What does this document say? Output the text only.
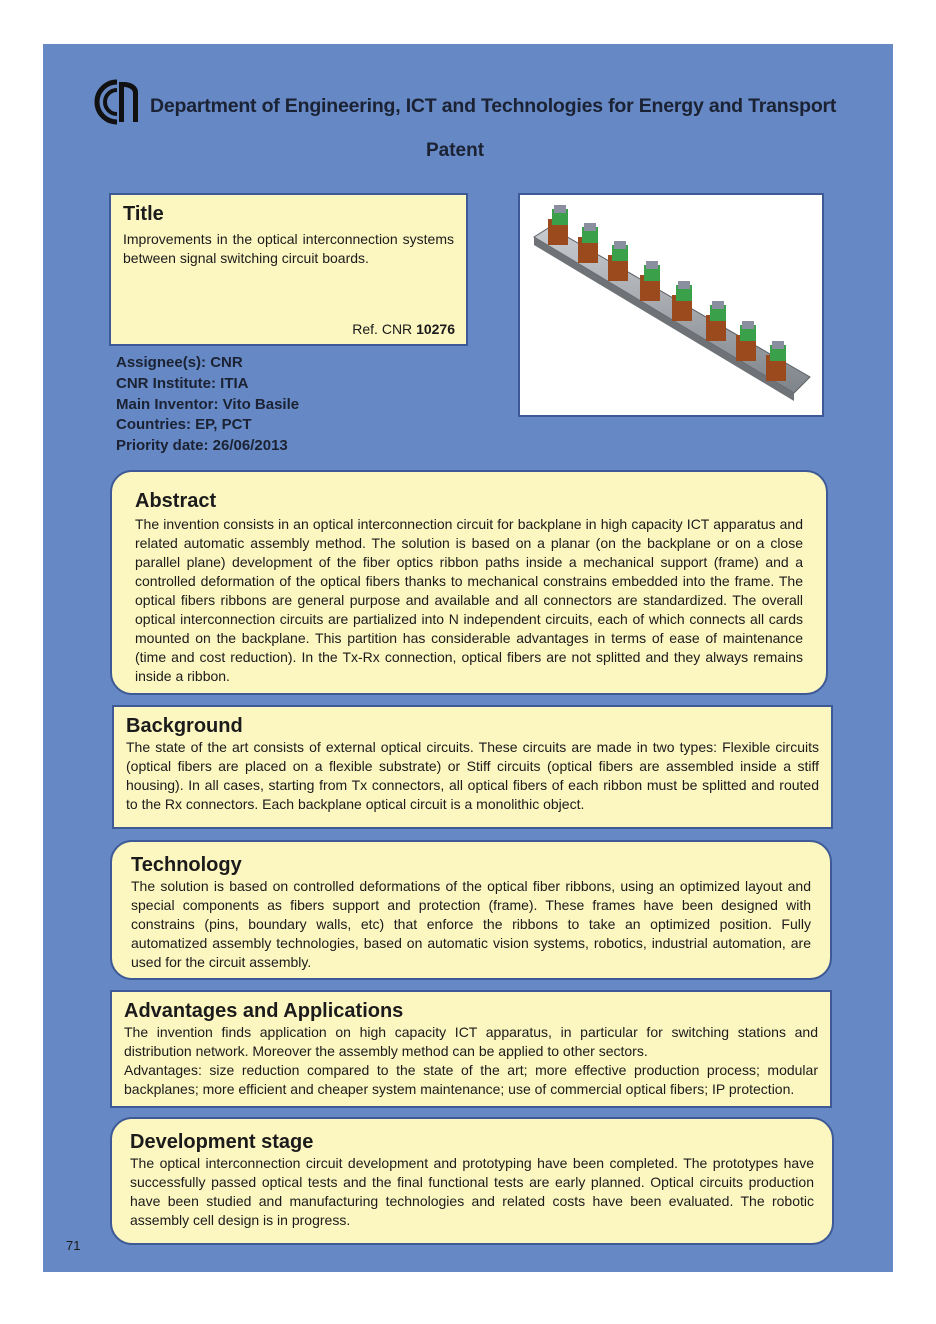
Department of Engineering, ICT and Technologies for Energy and Transport
Patent
Title

Improvements in the optical interconnection systems between signal switching circuit boards.

Ref. CNR 10276
Assignee(s): CNR
CNR Institute: ITIA
Main Inventor: Vito Basile
Countries: EP, PCT
Priority date: 26/06/2013
Abstract

The invention consists in an optical interconnection circuit for backplane in high capacity ICT apparatus and related automatic assembly method. The solution is based on a planar (on the backplane or on a close parallel plane) development of the fiber optics ribbon paths inside a mechanical support (frame) and a controlled deformation of the optical fibers thanks to mechanical constrains embedded into the frame. The optical fibers ribbons are general purpose and available and all connectors are standardized. The overall optical interconnection circuits are partialized into N independent circuits, each of which connects all cards mounted on the backplane. This partition has considerable advantages in terms of ease of maintenance (time and cost reduction). In the Tx-Rx connection, optical fibers are not splitted and they always remains inside a ribbon.

Background

The state of the art consists of external optical circuits. These circuits are made in two types: Flexible circuits (optical fibers are placed on a flexible substrate) or Stiff circuits (optical fibers are assembled inside a stiff housing). In all cases, starting from Tx connectors, all optical fibers of each ribbon must be splitted and routed to the Rx connectors. Each backplane optical circuit is a monolithic object.

Technology

The solution is based on controlled deformations of the optical fiber ribbons, using an optimized layout and special components as fibers support and protection (frame). These frames have been designed with constrains (pins, boundary walls, etc) that enforce the ribbons to take an optimized position. Fully automatized assembly technologies, based on automatic vision systems, robotics, industrial automation, are used for the circuit assembly.

Advantages and Applications

The invention finds application on high capacity ICT apparatus, in particular for switching stations and distribution network. Moreover the assembly method can be applied to other sectors.

Advantages: size reduction compared to the state of the art; more effective production process; modular backplanes; more efficient and cheaper system maintenance; use of commercial optical fibers; IP protection.

Development stage

The optical interconnection circuit development and prototyping have been completed. The prototypes have successfully passed optical tests and the final functional tests are early planned. Optical circuits production have been studied and manufacturing technologies and related costs have been evaluated. The robotic assembly cell design is in progress.

71
